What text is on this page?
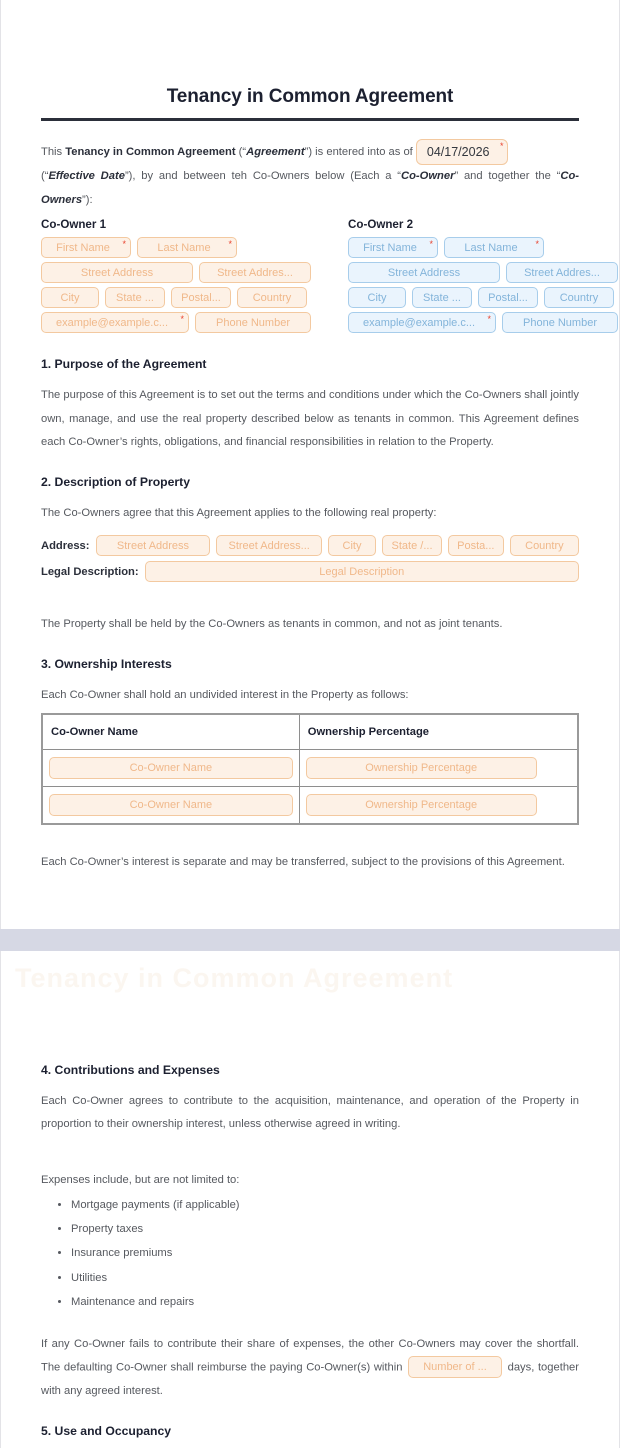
Tenancy in Common Agreement

This Tenancy in Common Agreement (“Agreement”) is entered into as of 04/17/2026 *

(“Effective Date”), by and between teh Co-Owners below (Each a “Co-Owner” and together the “Co-Owners”):

Co-Owner 1
First Name *	Last Name *
Street Address	Street Addres...
City	State ...	Postal...	Country
example@example.c... *	Phone Number
Co-Owner 2
First Name *	Last Name *
Street Address	Street Addres...
City	State ...	Postal...	Country
example@example.c... *	Phone Number
1. Purpose of the Agreement

The purpose of this Agreement is to set out the terms and conditions under which the Co-Owners shall jointly own, manage, and use the real property described below as tenants in common. This Agreement defines each Co-Owner’s rights, obligations, and financial responsibilities in relation to the Property.

2. Description of Property

The Co-Owners agree that this Agreement applies to the following real property:

Address:	Street Address	Street Address...	City	State /...	Posta...	Country
Legal Description:	Legal Description

The Property shall be held by the Co-Owners as tenants in common, and not as joint tenants.

3. Ownership Interests

Each Co-Owner shall hold an undivided interest in the Property as follows:

Co-Owner Name	Ownership Percentage

Co-Owner Name	Ownership Percentage

Co-Owner Name	Ownership Percentage

Each Co-Owner’s interest is separate and may be transferred, subject to the provisions of this Agreement.

Tenancy in Common Agreement
4. Contributions and Expenses

Each Co-Owner agrees to contribute to the acquisition, maintenance, and operation of the Property in proportion to their ownership interest, unless otherwise agreed in writing.

Expenses include, but are not limited to:

• Mortgage payments (if applicable)
• Property taxes
• Insurance premiums
• Utilities
• Maintenance and repairs

If any Co-Owner fails to contribute their share of expenses, the other Co-Owners may cover the shortfall. The defaulting Co-Owner shall reimburse the paying Co-Owner(s) within Number of ... days, together with any agreed interest.

5. Use and Occupancy
